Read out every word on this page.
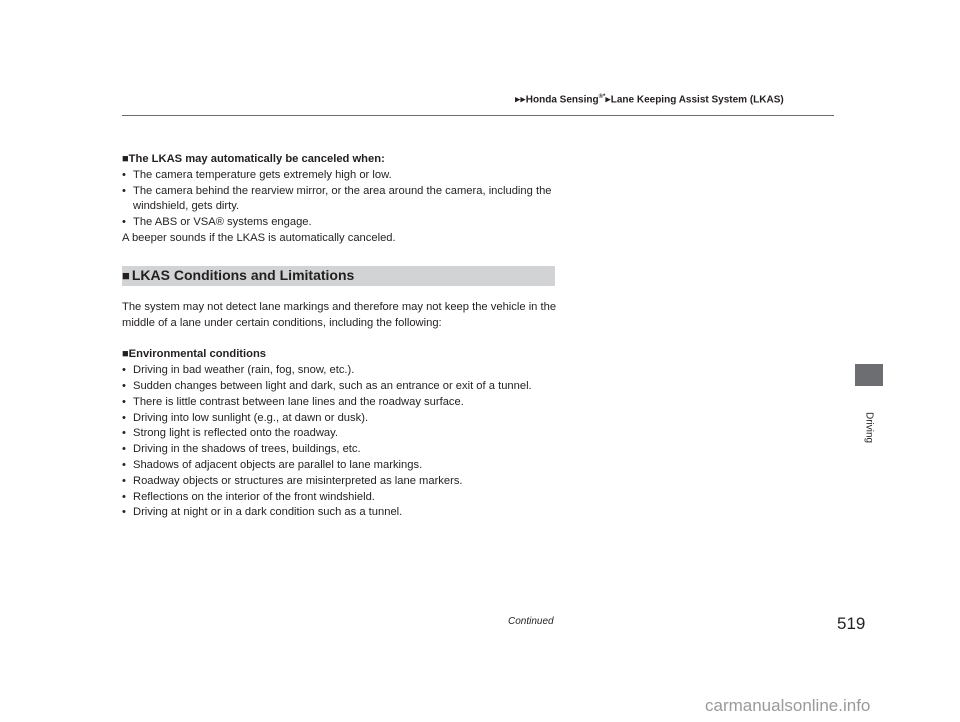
▶▶Honda Sensing®*▶Lane Keeping Assist System (LKAS)

■The LKAS may automatically be canceled when:

• The camera temperature gets extremely high or low.
• The camera behind the rearview mirror, or the area around the camera, including the windshield, gets dirty.
• The ABS or VSA® systems engage.

A beeper sounds if the LKAS is automatically canceled.

■ LKAS Conditions and Limitations

The system may not detect lane markings and therefore may not keep the vehicle in the middle of a lane under certain conditions, including the following:

■Environmental conditions

• Driving in bad weather (rain, fog, snow, etc.).
• Sudden changes between light and dark, such as an entrance or exit of a tunnel.
• There is little contrast between lane lines and the roadway surface.
• Driving into low sunlight (e.g., at dawn or dusk).
• Strong light is reflected onto the roadway.
• Driving in the shadows of trees, buildings, etc.
• Shadows of adjacent objects are parallel to lane markings.
• Roadway objects or structures are misinterpreted as lane markers.
• Reflections on the interior of the front windshield.
• Driving at night or in a dark condition such as a tunnel.
Driving
Continued	519
carmanualsonline.info
